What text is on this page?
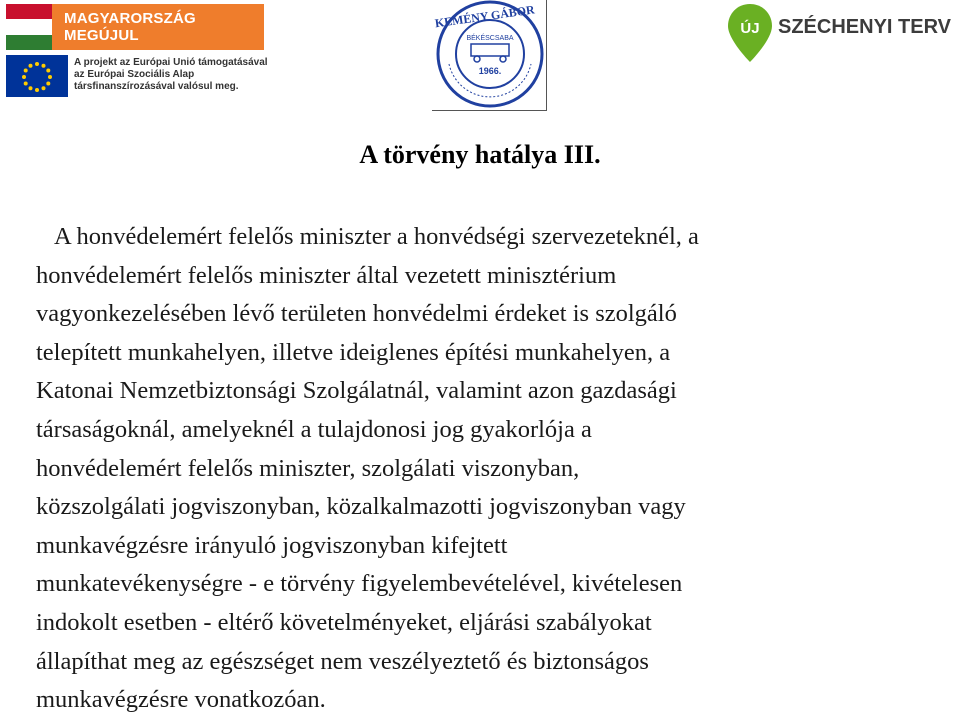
MAGYARORSZÁG MEGÚJUL
A projekt az Európai Unió támogatásával
az Európai Szociális Alap
társfinanszírozásával valósul meg.
KEMÉNY GÁBOR
BÉKÉSCSABA
1966.
ÚJ SZÉCHENYI TERV
A törvény hatálya III.
A honvédelemért felelős miniszter a honvédségi szervezeteknél, a
honvédelemért felelős miniszter által vezetett minisztérium
vagyonkezelésében lévő területen honvédelmi érdeket is szolgáló
telepített munkahelyen, illetve ideiglenes építési munkahelyen, a
Katonai Nemzetbiztonsági Szolgálatnál, valamint azon gazdasági
társaságoknál, amelyeknél a tulajdonosi jog gyakorlója a
honvédelemért felelős miniszter, szolgálati viszonyban,
közszolgálati jogviszonyban, közalkalmazotti jogviszonyban vagy
munkavégzésre irányuló jogviszonyban kifejtett
munkatevékenységre - e törvény figyelembevételével, kivételesen
indokolt esetben - eltérő követelményeket, eljárási szabályokat
állapíthat meg az egészséget nem veszélyeztető és biztonságos
munkavégzésre vonatkozóan.
